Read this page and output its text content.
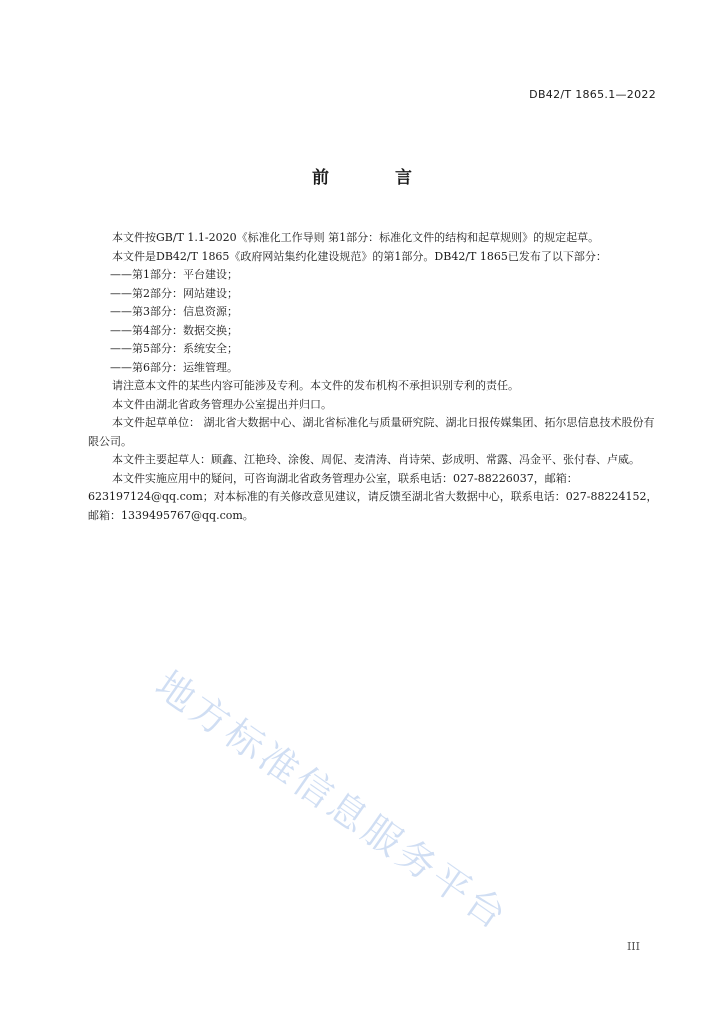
DB42/T 1865.1—2022
前 言

本文件按GB/T 1.1-2020《标准化工作导则 第1部分：标准化文件的结构和起草规则》的规定起草。

本文件是DB42/T 1865《政府网站集约化建设规范》的第1部分。DB42/T 1865已发布了以下部分：

——第1部分：平台建设；

——第2部分：网站建设；

——第3部分：信息资源；

——第4部分：数据交换；

——第5部分：系统安全；

——第6部分：运维管理。

请注意本文件的某些内容可能涉及专利。本文件的发布机构不承担识别专利的责任。

本文件由湖北省政务管理办公室提出并归口。

本文件起草单位： 湖北省大数据中心、湖北省标准化与质量研究院、湖北日报传媒集团、拓尔思信息技术股份有限公司。

本文件主要起草人：顾鑫、江艳玲、涂俊、周伲、麦清涛、肖诗荣、彭成明、常露、冯金平、张付春、卢威。

本文件实施应用中的疑问，可咨询湖北省政务管理办公室，联系电话：027-88226037，邮箱：623197124@qq.com；对本标准的有关修改意见建议，请反馈至湖北省大数据中心，联系电话：027-88224152，邮箱：1339495767@qq.com。

地方标准信息服务平台
III
